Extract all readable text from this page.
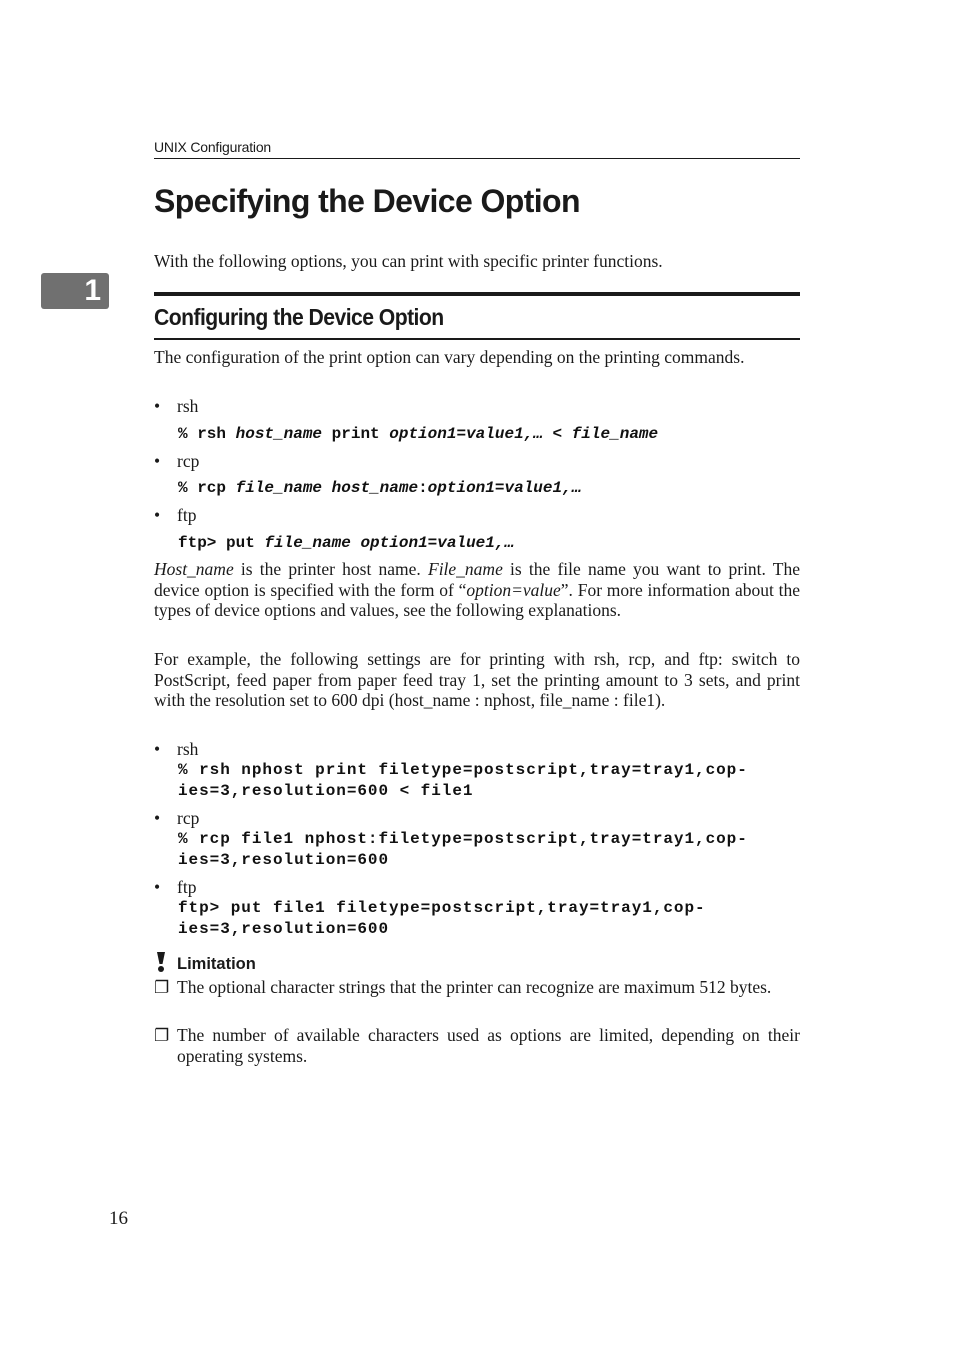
UNIX Configuration
1
Specifying the Device Option
With the following options, you can print with specific printer functions.
Configuring the Device Option

The configuration of the print option can vary depending on the printing commands.

• rsh
% rsh host_name print option1=value1,… < file_name
• rcp
% rcp file_name host_name:option1=value1,…
• ftp
ftp> put file_name option1=value1,…

Host_name is the printer host name. File_name is the file name you want to print. The device option is specified with the form of “option=value”. For more information about the types of device options and values, see the following explanations.

For example, the following settings are for printing with rsh, rcp, and ftp: switch to PostScript, feed paper from paper feed tray 1, set the printing amount to 3 sets, and print with the resolution set to 600 dpi (host_name : nphost, file_name : file1).

• rsh
% rsh nphost print filetype=postscript,tray=tray1,cop-
ies=3,resolution=600 < file1
• rcp
% rcp file1 nphost:filetype=postscript,tray=tray1,cop-
ies=3,resolution=600
• ftp
ftp> put file1 filetype=postscript,tray=tray1,cop-
ies=3,resolution=600
Limitation
❐ The optional character strings that the printer can recognize are maximum 512 bytes.

❐ The number of available characters used as options are limited, depending on their operating systems.

16
